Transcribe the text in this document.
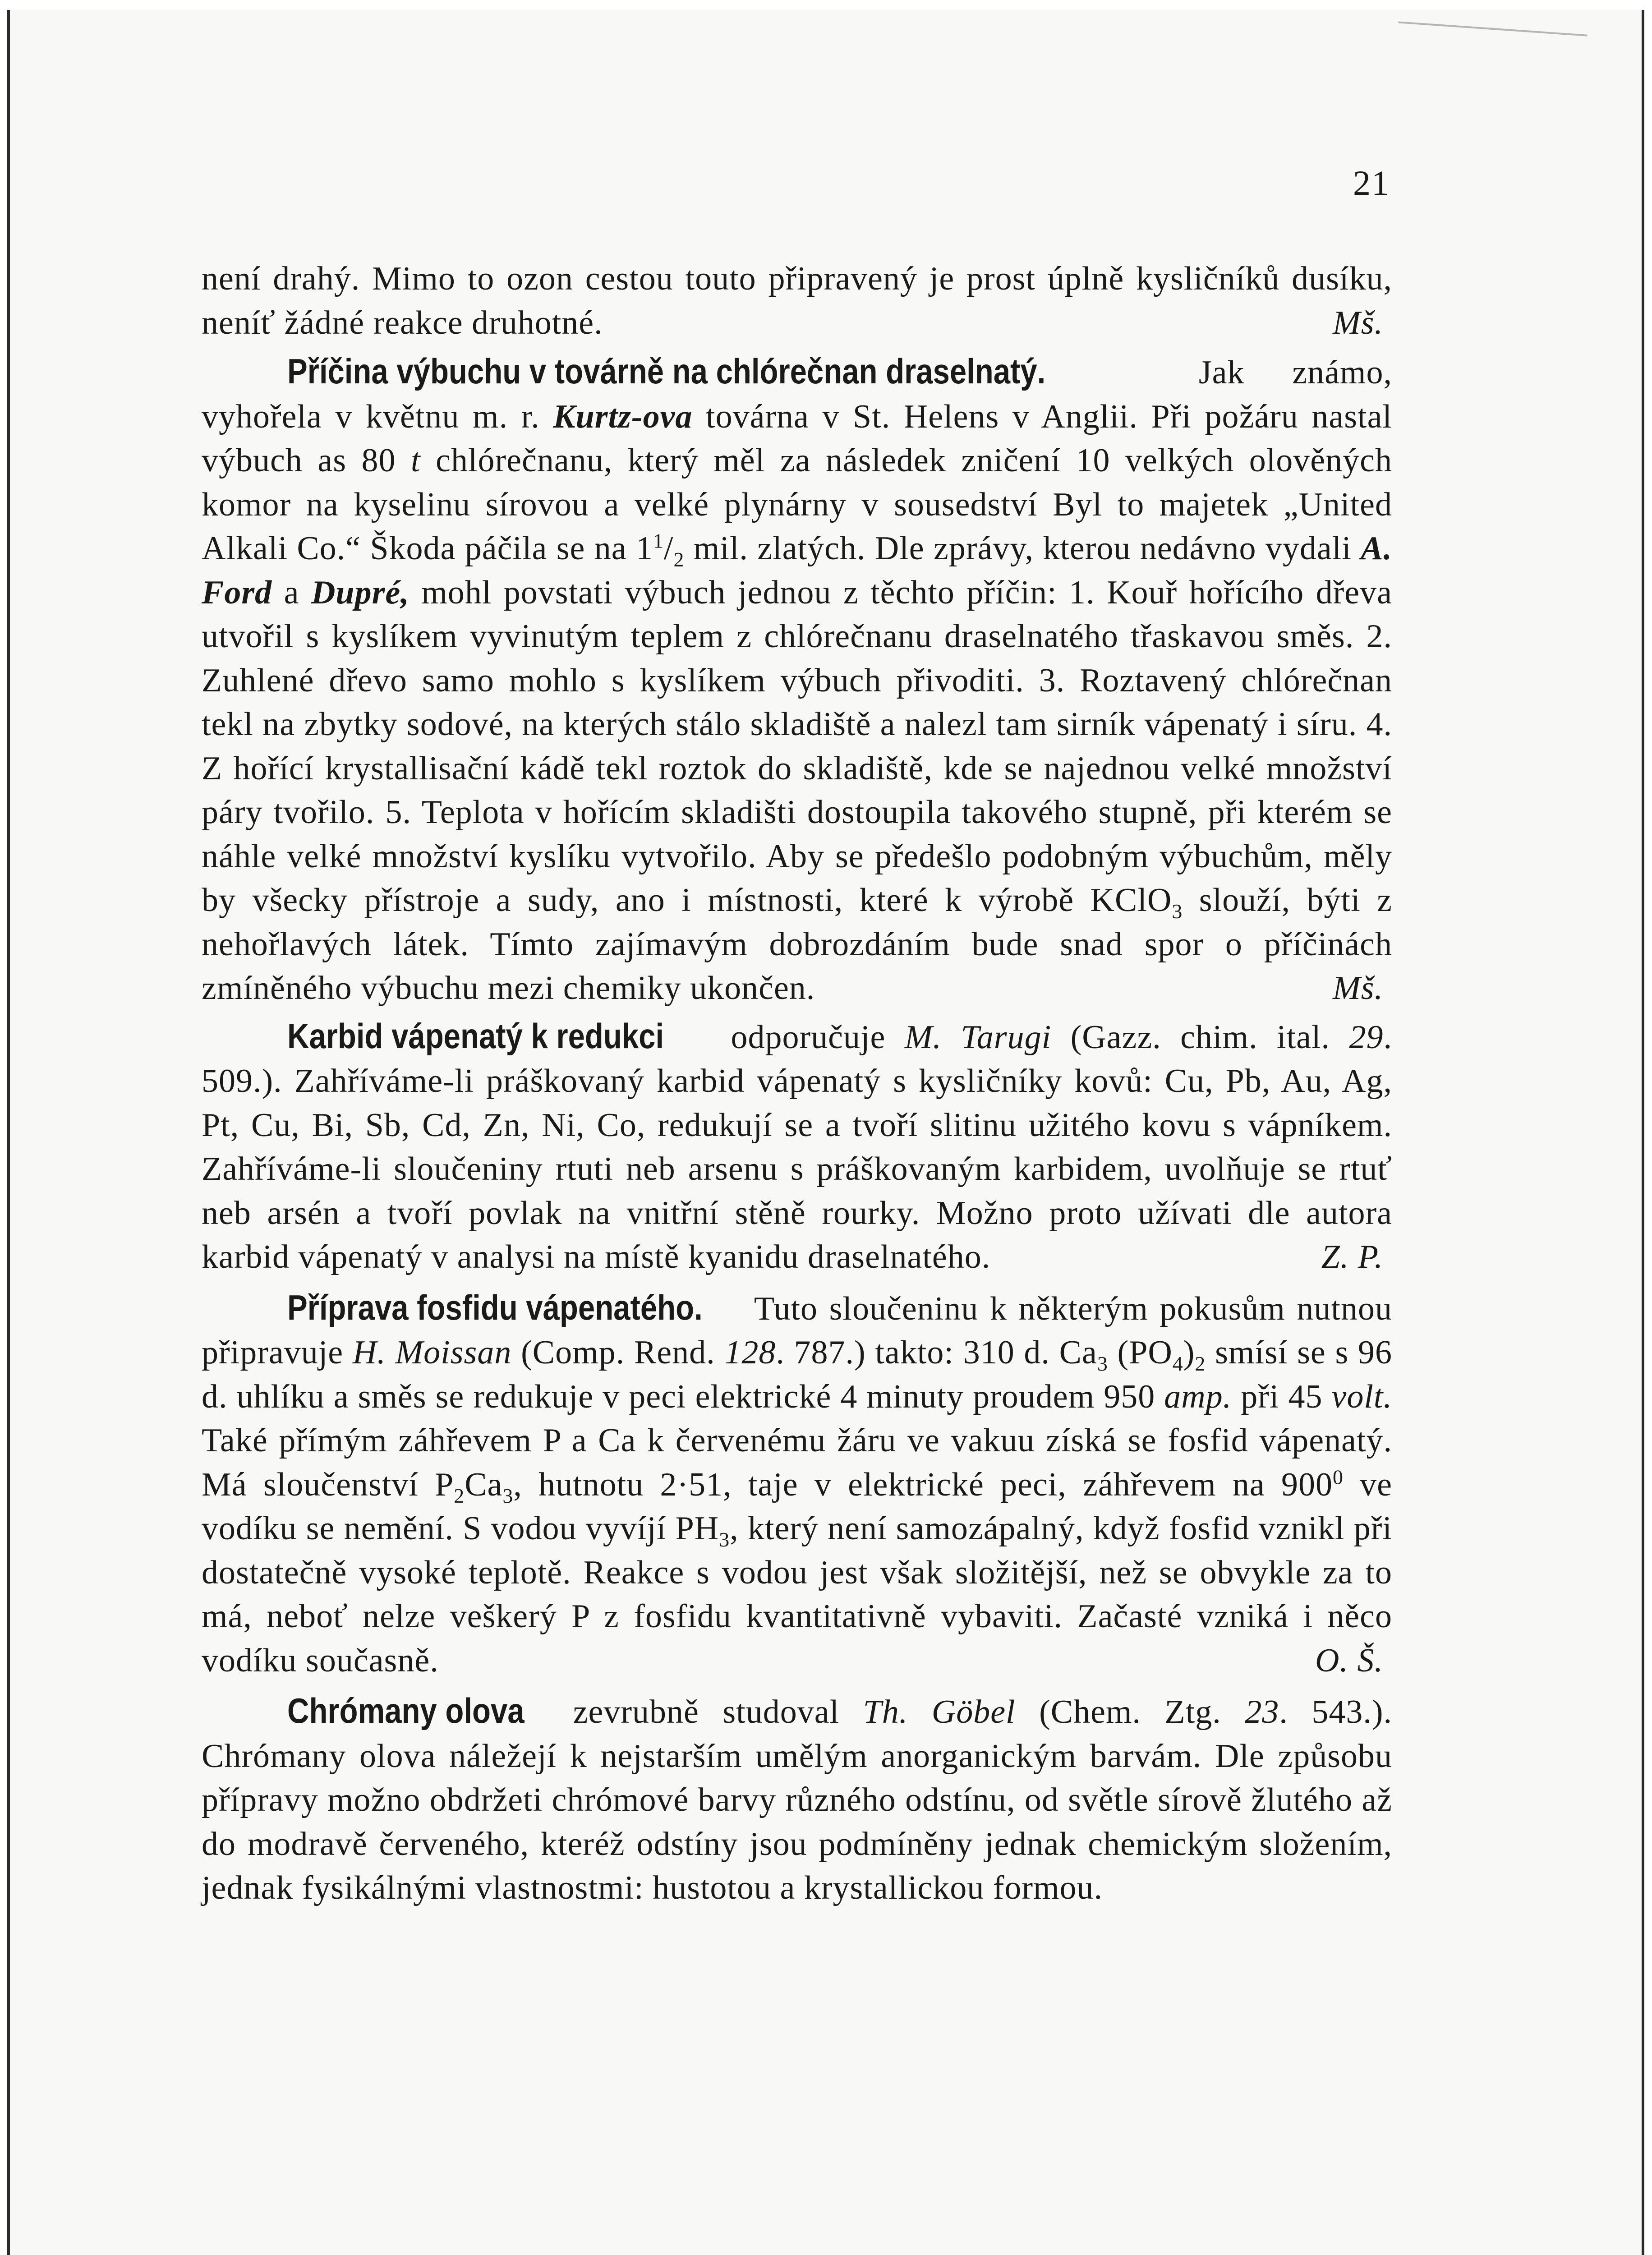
21

není drahý. Mimo to ozon cestou touto připravený je prost úplně kysličníků dusíku, neníť žádné reakce druhotné.	Mš.

Příčina výbuchu v továrně na chlórečnan draselnatý.	Jak známo, vyhořela v květnu m. r. Kurtz-ova továrna v St. Helens v Anglii. Při požáru nastal výbuch as 80 t chlórečnanu, který měl za následek zničení 10 velkých olověných komor na kyselinu sírovou a velké plynárny v sousedství Byl to majetek „United Alkali Co.“ Škoda páčila se na $1^1/_2$ mil. zlatých. Dle zprávy, kterou nedávno vydali A. Ford a Dupré, mohl povstati výbuch jednou z těchto příčin: 1. Kouř hořícího dřeva utvořil s kyslíkem vyvinutým teplem z chlórečnanu draselnatého třaskavou směs. 2. Zuhlené dřevo samo mohlo s kyslíkem výbuch přivoditi. 3. Roztavený chlórečnan tekl na zbytky sodové, na kterých stálo skladiště a nalezl tam sirník vápenatý i síru. 4. Z hořící krystallisační kádě tekl roztok do skladiště, kde se najednou velké množství páry tvořilo. 5. Teplota v hořícím skladišti dostoupila takového stupně, při kterém se náhle velké množství kyslíku vytvořilo. Aby se předešlo podobným výbuchům, měly by všecky přístroje a sudy, ano i místnosti, které k výrobě KClO$_3$ slouží, býti z nehořlavých látek. Tímto zajímavým dobrozdáním bude snad spor o příčinách zmíněného výbuchu mezi chemiky ukončen.	Mš.

Karbid vápenatý k redukci odporučuje M. Tarugi (Gazz. chim. ital. 29. 509.). Zahříváme-li práškovaný karbid vápenatý s kysličníky kovů: Cu, Pb, Au, Ag, Pt, Cu, Bi, Sb, Cd, Zn, Ni, Co, redukují se a tvoří slitinu užitého kovu s vápníkem. Zahříváme-li sloučeniny rtuti neb arsenu s práškovaným karbidem, uvolňuje se rtuť neb arsén a tvoří povlak na vnitřní stěně rourky. Možno proto užívati dle autora karbid vápenatý v analysi na místě kyanidu draselnatého.	Z. P.

Příprava fosfidu vápenatého. Tuto sloučeninu k některým pokusům nutnou připravuje H. Moissan (Comp. Rend. 128. 787.) takto: 310 d. $Ca_3$ $(PO_4)_2$ smísí se s 96 d. uhlíku a směs se redukuje v peci elektrické 4 minuty proudem 950 amp. při 45 volt. Také přímým záhřevem P a Ca k červenému žáru ve vakuu získá se fosfid vápenatý. Má sloučenství $P_2Ca_3$, hutnotu 2·51, taje v elektrické peci, záhřevem na $900^0$ ve vodíku se nemění. S vodou vyvíjí $PH_3$, který není samozápalný, když fosfid vznikl při dostatečně vysoké teplotě. Reakce s vodou jest však složitější, než se obvykle za to má, neboť nelze veškerý P z fosfidu kvantitativně vybaviti. Začasté vzniká i něco vodíku současně.	O. Š.

Chrómany olova zevrubně studoval Th. Göbel (Chem. Ztg. 23. 543.). Chrómany olova náležejí k nejstarším umělým anorganickým barvám. Dle způsobu přípravy možno obdržeti chrómové barvy různého odstínu, od světle sírově žlutého až do modravě červeného, kteréž odstíny jsou podmíněny jednak chemickým složením, jednak fysikálnými vlastnostmi: hustotou a krystallickou formou.
